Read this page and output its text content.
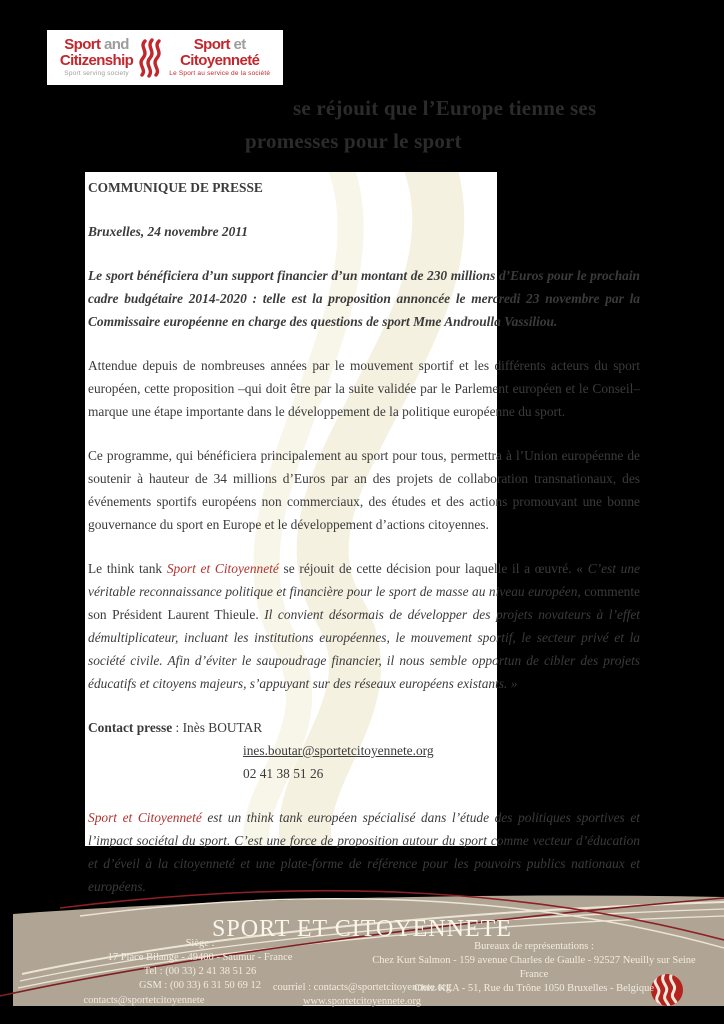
Sport and
Citizenship
Sport serving society
Sport et
Citoyenneté
Le Sport au service de la société
se réjouit que l’Europe tienne ses
promesses pour le sport

COMMUNIQUE DE PRESSE

Bruxelles, 24 novembre 2011

Le sport bénéficiera d’un support financier d’un montant de 230 millions d’Euros pour le prochain cadre budgétaire 2014-2020 : telle est la proposition annoncée le mercredi 23 novembre par la Commissaire européenne en charge des questions de sport Mme Androulla Vassiliou.

Attendue depuis de nombreuses années par le mouvement sportif et les différents acteurs du sport européen, cette proposition –qui doit être par la suite validée par le Parlement européen et le Conseil– marque une étape importante dans le développement de la politique européenne du sport.

Ce programme, qui bénéficiera principalement au sport pour tous, permettra à l’Union européenne de soutenir à hauteur de 34 millions d’Euros par an des projets de collaboration transnationaux, des événements sportifs européens non commerciaux, des études et des actions promouvant une bonne gouvernance du sport en Europe et le développement d’actions citoyennes.

Le think tank Sport et Citoyenneté se réjouit de cette décision pour laquelle il a œuvré. « C’est une véritable reconnaissance politique et financière pour le sport de masse au niveau européen, commente son Président Laurent Thieule. Il convient désormais de développer des projets novateurs à l’effet démultiplicateur, incluant les institutions européennes, le mouvement sportif, le secteur privé et la société civile. Afin d’éviter le saupoudrage financier, il nous semble opportun de cibler des projets éducatifs et citoyens majeurs, s’appuyant sur des réseaux européens existants. »

Contact presse : Inès BOUTAR

ines.boutar@sportetcitoyennete.org

02 41 38 51 26

Sport et Citoyenneté est un think tank européen spécialisé dans l’étude des politiques sportives et l’impact sociétal du sport. C’est une force de proposition autour du sport comme vecteur d’éducation et d’éveil à la citoyenneté et une plate-forme de référence pour les pouvoirs publics nationaux et européens.

SPORT ET CITOYENNETE
Siège :
17 Place Bilange - 49400 - Saumur - France
Tel : (00 33) 2 41 38 51 26
GSM : (00 33) 6 31 50 69 12
Bureaux de représentations :
Chez Kurt Salmon - 159 avenue Charles de Gaulle - 92527 Neuilly sur Seine France
Chez KEA - 51, Rue du Trône 1050 Bruxelles - Belgique
courriel : contacts@sportetcitoyennete.org
www.sportetcitoyennete.org
contacts@sportetcitoyennete
